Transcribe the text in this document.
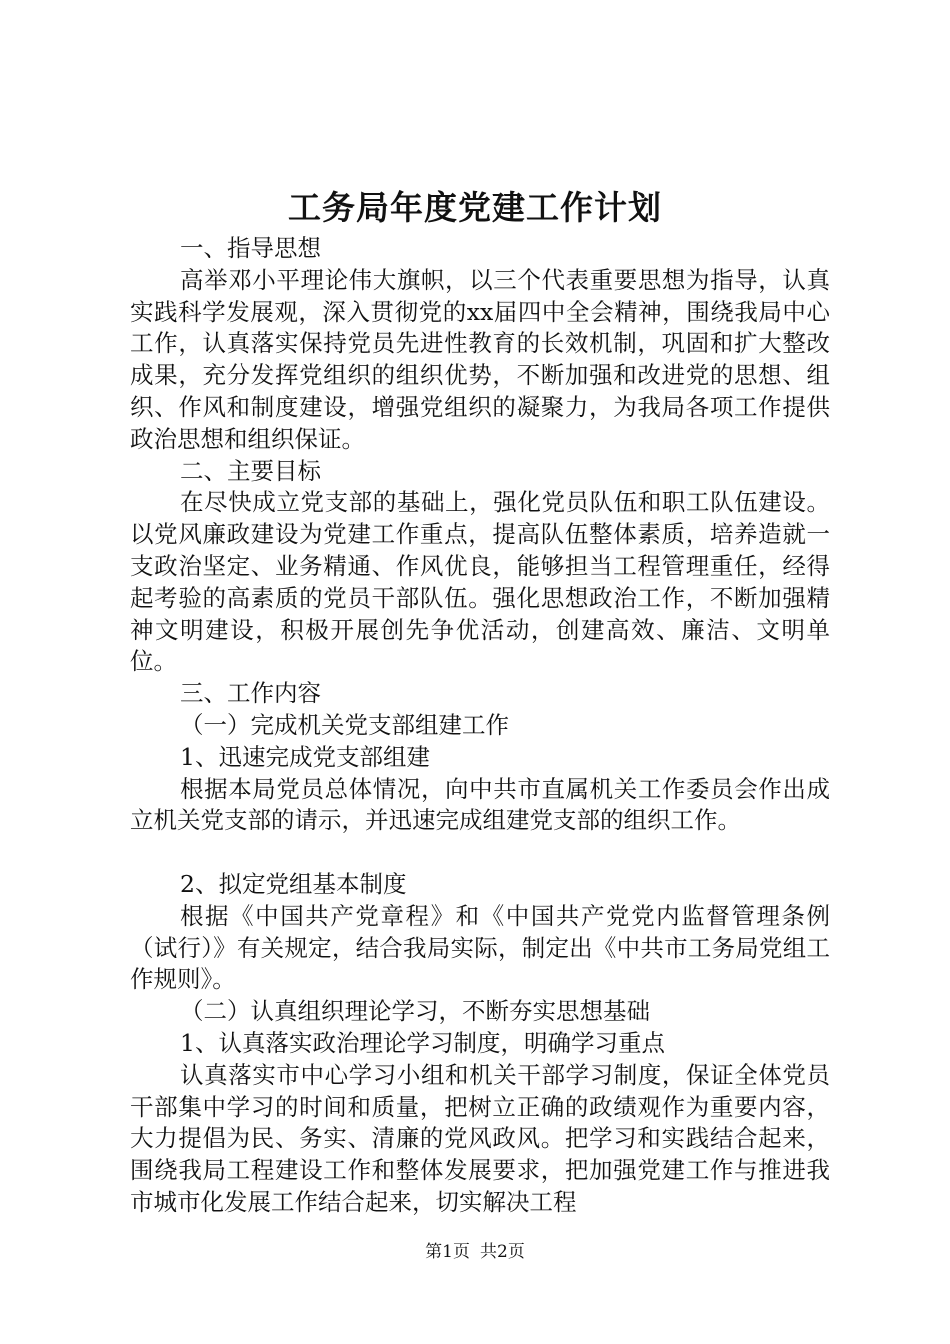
工务局年度党建工作计划

一、指导思想

高举邓小平理论伟大旗帜，以三个代表重要思想为指导，认真实践科学发展观，深入贯彻党的xx届四中全会精神，围绕我局中心工作，认真落实保持党员先进性教育的长效机制，巩固和扩大整改成果，充分发挥党组织的组织优势，不断加强和改进党的思想、组织、作风和制度建设，增强党组织的凝聚力，为我局各项工作提供政治思想和组织保证。

二、主要目标

在尽快成立党支部的基础上，强化党员队伍和职工队伍建设。以党风廉政建设为党建工作重点，提高队伍整体素质，培养造就一支政治坚定、业务精通、作风优良，能够担当工程管理重任，经得起考验的高素质的党员干部队伍。强化思想政治工作，不断加强精神文明建设，积极开展创先争优活动，创建高效、廉洁、文明单位。

三、工作内容

（一）完成机关党支部组建工作

1、迅速完成党支部组建

根据本局党员总体情况，向中共市直属机关工作委员会作出成立机关党支部的请示，并迅速完成组建党支部的组织工作。

2、拟定党组基本制度

根据《中国共产党章程》和《中国共产党党内监督管理条例（试行）》有关规定，结合我局实际，制定出《中共市工务局党组工作规则》。

（二）认真组织理论学习，不断夯实思想基础

1、认真落实政治理论学习制度，明确学习重点

认真落实市中心学习小组和机关干部学习制度，保证全体党员干部集中学习的时间和质量，把树立正确的政绩观作为重要内容，大力提倡为民、务实、清廉的党风政风。把学习和实践结合起来，围绕我局工程建设工作和整体发展要求，把加强党建工作与推进我市城市化发展工作结合起来，切实解决工程

第1页 共2页
